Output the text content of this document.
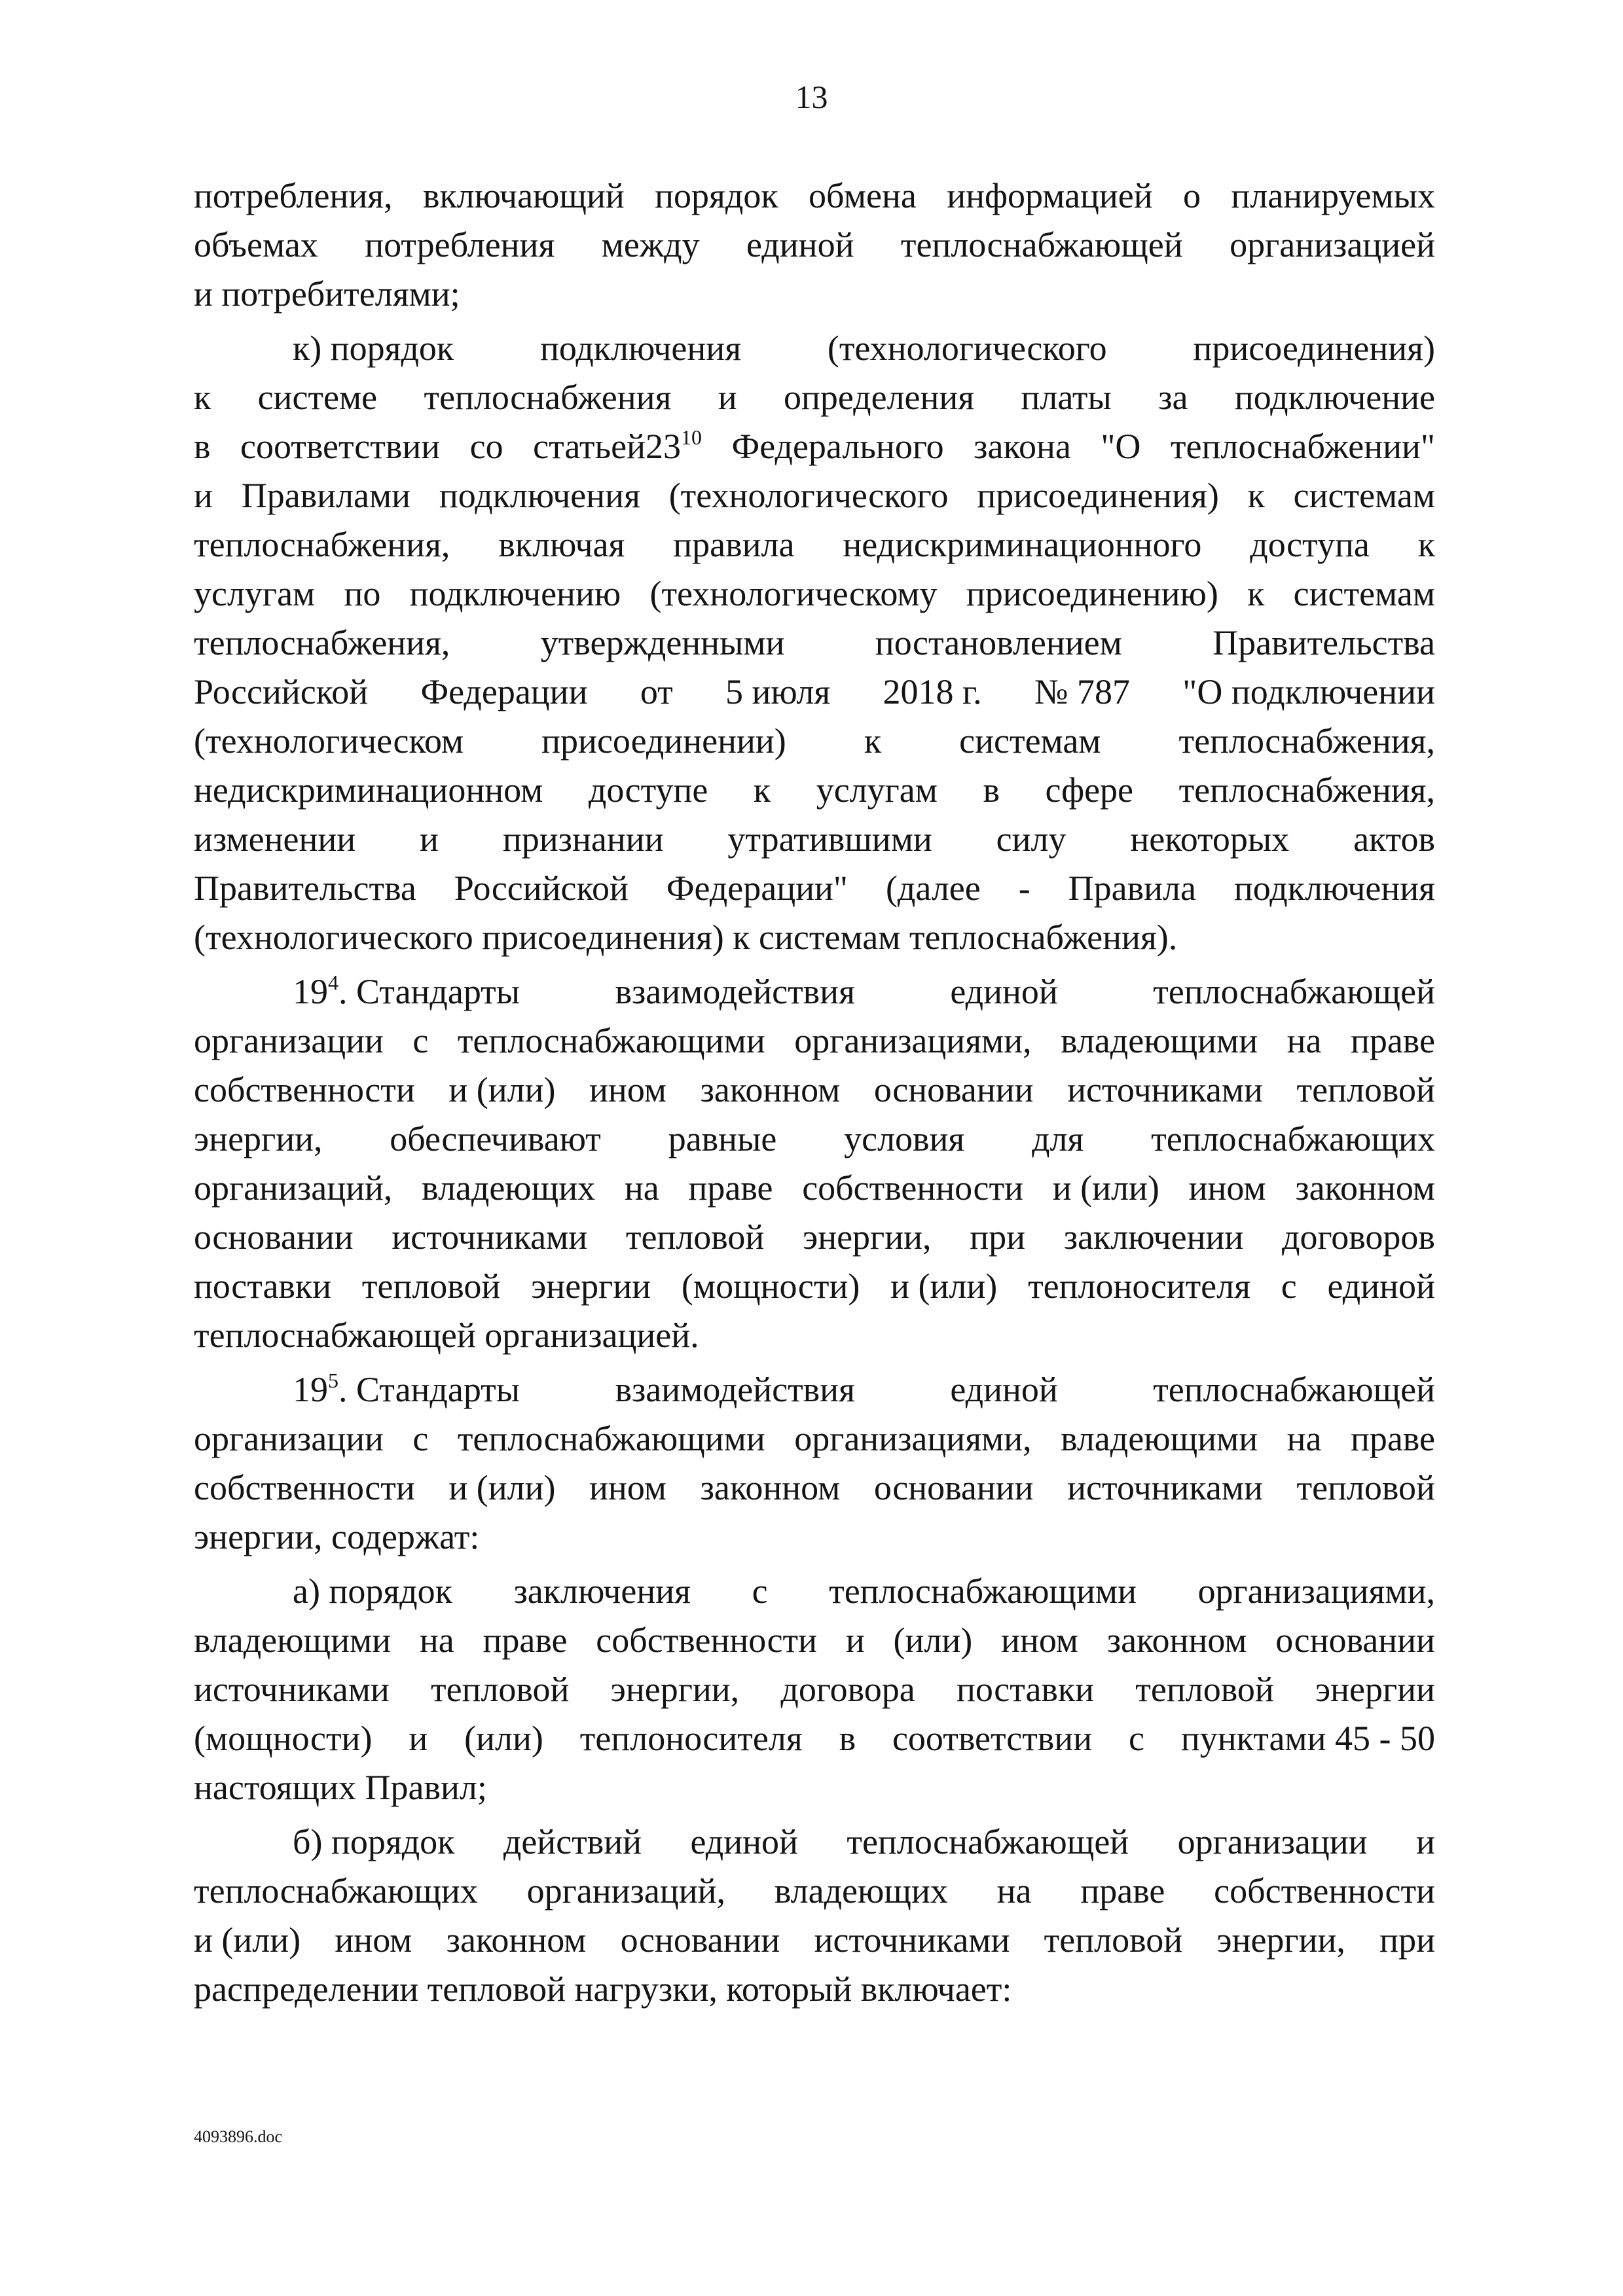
13
потребления, включающий порядок обмена информацией о планируемых
объемах потребления между единой теплоснабжающей организацией
и потребителями;
к) порядок подключения (технологического присоединения)
к системе теплоснабжения и определения платы за подключение
в соответствии со $статьей23^{10}$ Федерального закона "О теплоснабжении"
и Правилами подключения (технологического присоединения) к системам
теплоснабжения, включая правила недискриминационного доступа к
услугам по подключению (технологическому присоединению) к системам
теплоснабжения,	утвержденными	постановлением	Правительства
Российской Федерации от 5 июля 2018 г. № 787 "О подключении
(технологическом присоединении) к системам теплоснабжения,
недискриминационном доступе к услугам в сфере теплоснабжения,
изменении и признании утратившими силу некоторых актов
Правительства Российской Федерации" (далее - Правила подключения
(технологического присоединения) к системам теплоснабжения).
$19^4$. Стандарты	взаимодействия	единой	теплоснабжающей
организации с теплоснабжающими организациями, владеющими на праве
собственности и (или) ином законном основании источниками тепловой
энергии, обеспечивают равные условия для теплоснабжающих
организаций, владеющих на праве собственности и (или) ином законном
основании источниками тепловой энергии, при заключении договоров
поставки тепловой энергии (мощности) и (или) теплоносителя с единой
теплоснабжающей организацией.
$19^5$. Стандарты	взаимодействия	единой	теплоснабжающей
организации с теплоснабжающими организациями, владеющими на праве
собственности и (или) ином законном основании источниками тепловой
энергии, содержат:
а) порядок заключения с теплоснабжающими организациями,
владеющими на праве собственности и (или) ином законном основании
источниками тепловой энергии, договора поставки тепловой энергии
(мощности) и (или) теплоносителя в соответствии с пунктами 45 - 50
настоящих Правил;
б) порядок действий единой теплоснабжающей организации и
теплоснабжающих организаций, владеющих на праве собственности
и (или) ином законном основании источниками тепловой энергии, при
распределении тепловой нагрузки, который включает:
4093896.doc
